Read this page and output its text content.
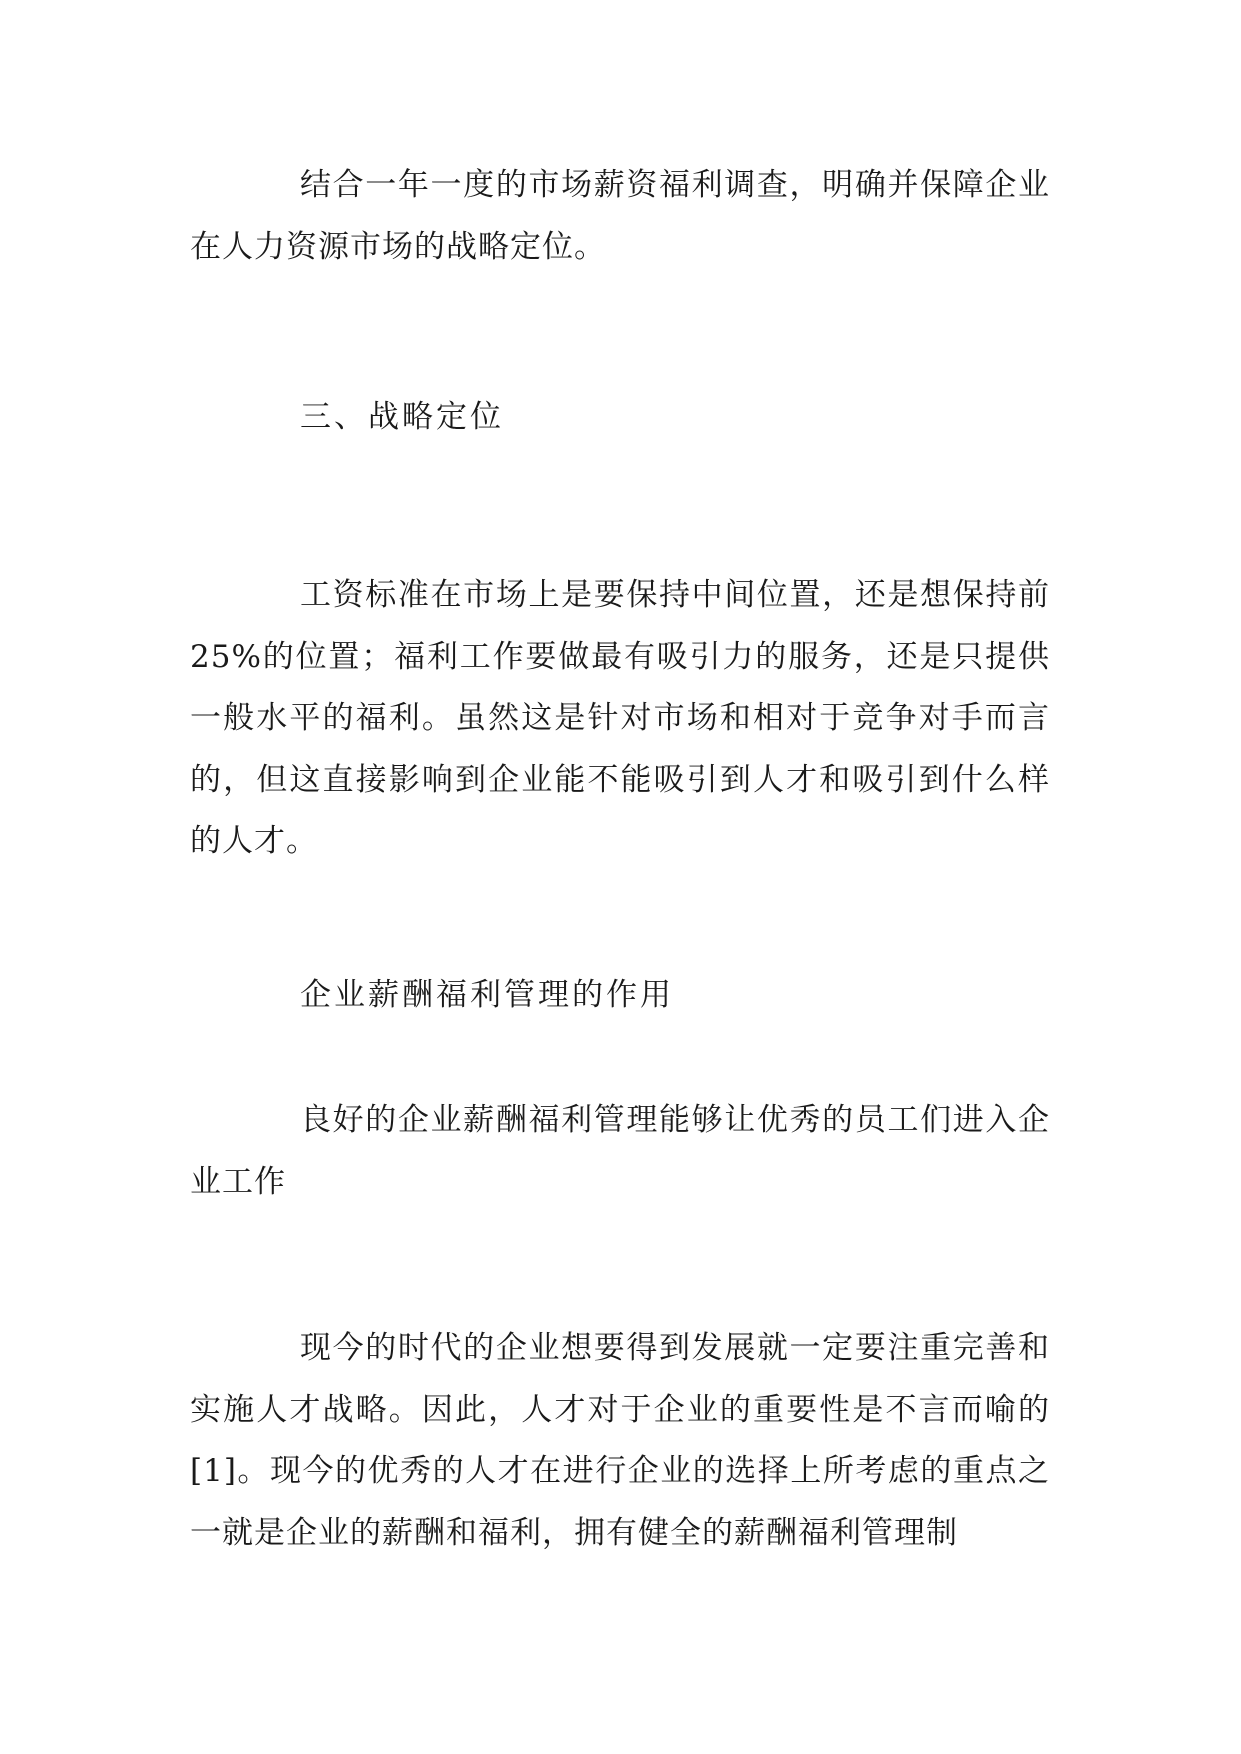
结合一年一度的市场薪资福利调查，明确并保障企业在人力资源市场的战略定位。

三、战略定位

工资标准在市场上是要保持中间位置，还是想保持前25%的位置；福利工作要做最有吸引力的服务，还是只提供一般水平的福利。虽然这是针对市场和相对于竞争对手而言的，但这直接影响到企业能不能吸引到人才和吸引到什么样的人才。

企业薪酬福利管理的作用

良好的企业薪酬福利管理能够让优秀的员工们进入企业工作

现今的时代的企业想要得到发展就一定要注重完善和实施人才战略。因此，人才对于企业的重要性是不言而喻的[1]。现今的优秀的人才在进行企业的选择上所考虑的重点之一就是企业的薪酬和福利，拥有健全的薪酬福利管理制
